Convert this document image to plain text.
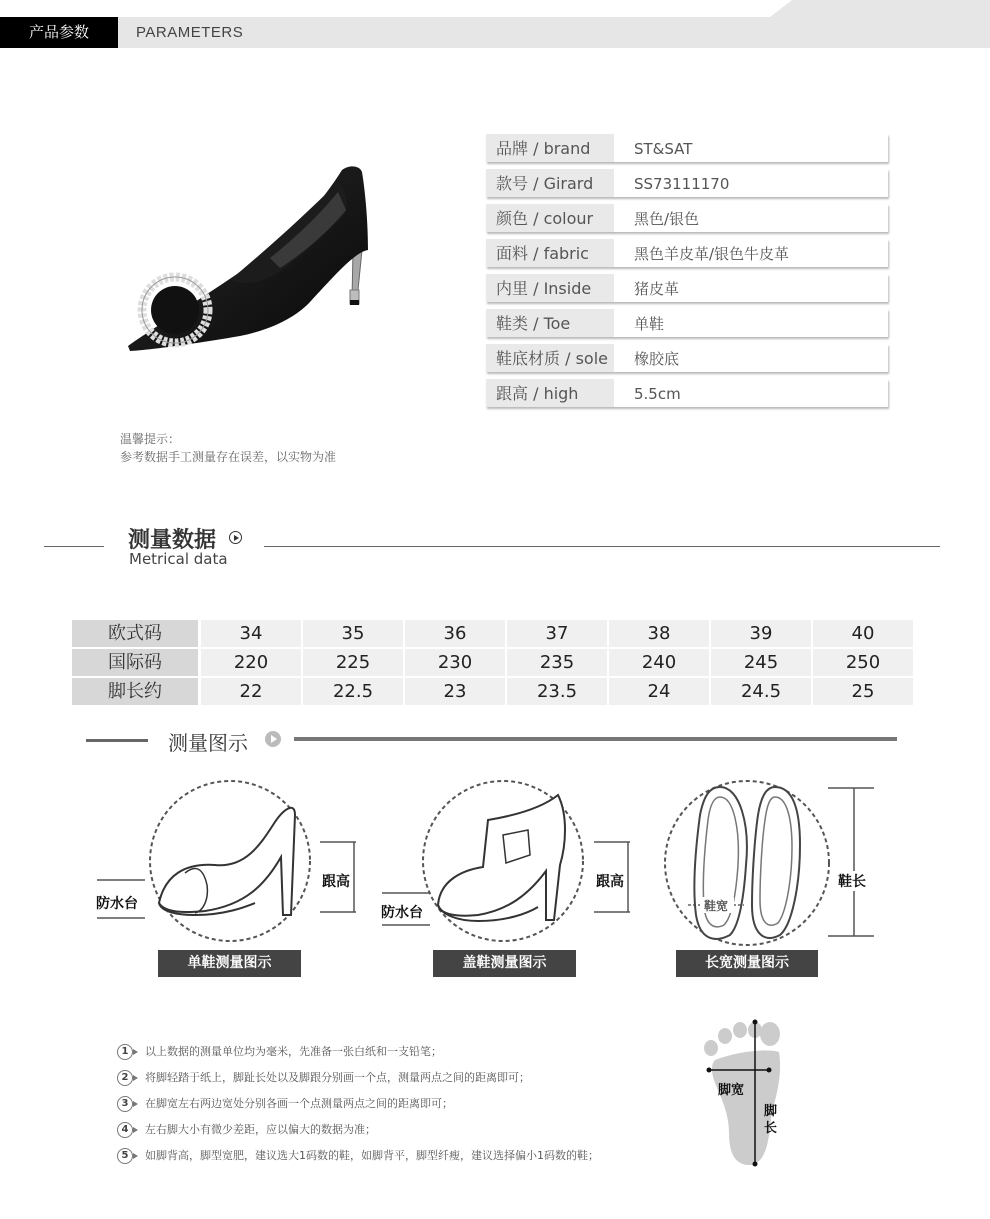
产品参数	PARAMETERS
品牌 / brand	ST&SAT
款号 / Girard	SS73111170
颜色 / colour	黑色/银色
面料 / fabric	黑色羊皮革/银色牛皮革
内里 / Inside	猪皮革
鞋类 / Toe	单鞋
鞋底材质 / sole	橡胶底
跟高 / high	5.5cm
温馨提示：
参考数据手工测量存在误差，以实物为准
测量数据
Metrical data
欧式码	34	35	36	37	38	39	40
国际码	220	225	230	235	240	245	250
脚长约	22	22.5	23	23.5	24	24.5	25
测量图示
防水台
跟高
单鞋测量图示
防水台
跟高
盖鞋测量图示
鞋宽
鞋长
长宽测量图示
1	以上数据的测量单位均为毫米，先准备一张白纸和一支铅笔；
2	将脚轻踏于纸上，脚趾长处以及脚跟分别画一个点，测量两点之间的距离即可；
3	在脚宽左右两边宽处分别各画一个点测量两点之间的距离即可；
4	左右脚大小有微少差距，应以偏大的数据为准；
5	如脚背高，脚型宽肥，建议选大1码数的鞋，如脚背平，脚型纤瘦，建议选择偏小1码数的鞋；
脚宽
脚长
